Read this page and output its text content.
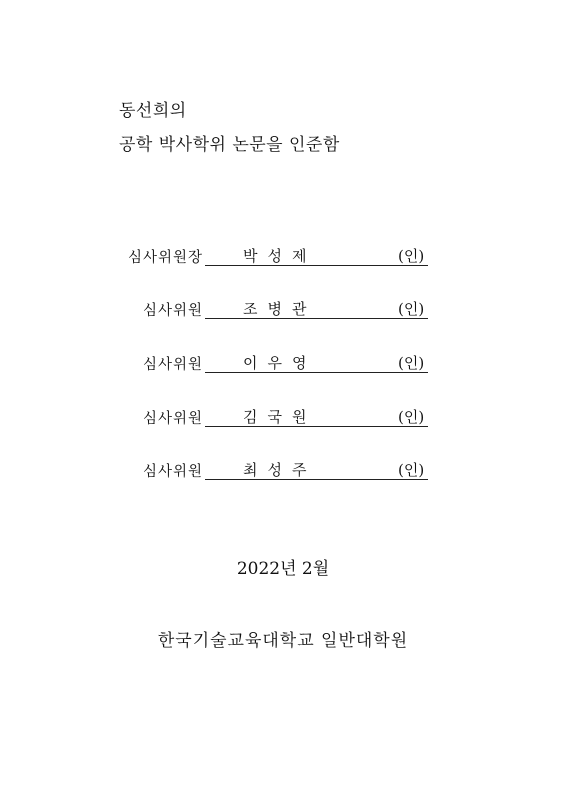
동선희의
공학 박사학위 논문을 인준함
심사위원장	박성제	(인)
심사위원	조병관	(인)
심사위원	이우영	(인)
심사위원	김국원	(인)
심사위원	최성주	(인)
2022년 2월
한국기술교육대학교 일반대학원
